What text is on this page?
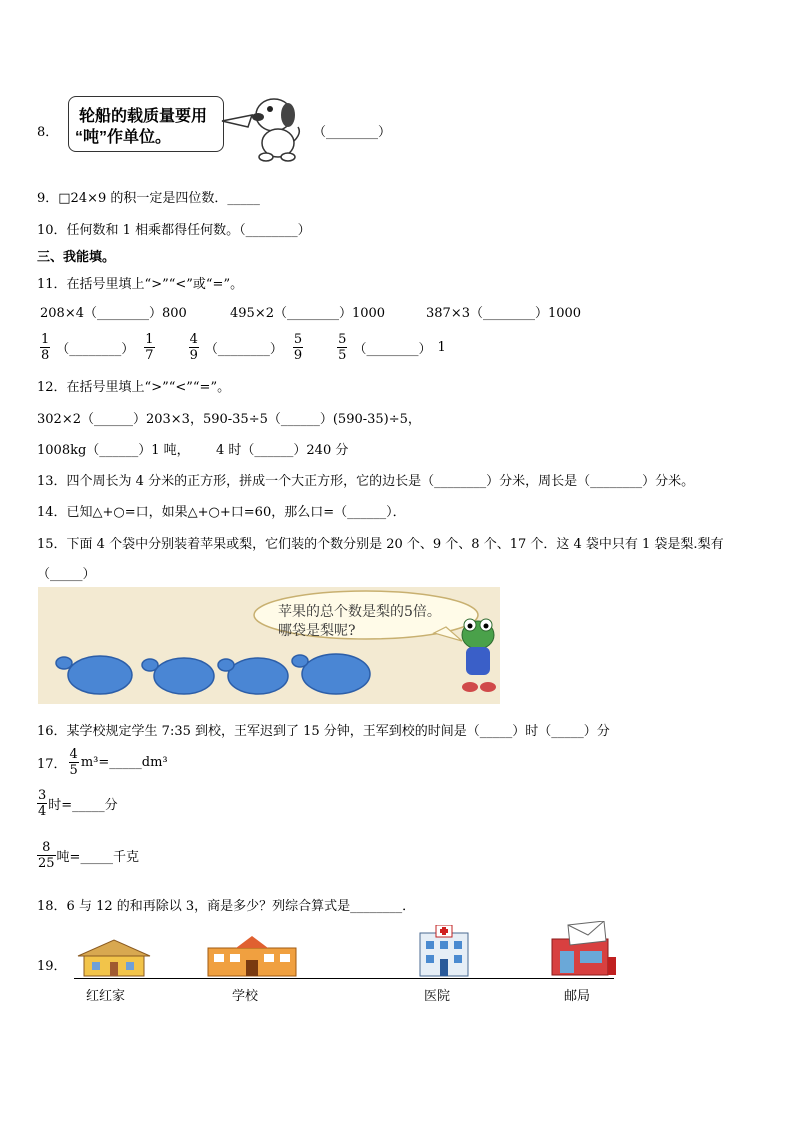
8．
轮船的载质量要用
“吨”作单位。	（________）
9．□24×9 的积一定是四位数．_____
10．任何数和 1 相乘都得任何数。（________）
三、我能填。
11．在括号里填上“>”“<”或“=”。
208×4（________）800	495×2（________）1000	387×3（________）1000
$\frac{1}{8}$ （________） $\frac{1}{7}$	$\frac{4}{9}$ （________） $\frac{5}{9}$	$\frac{5}{5}$ （________） 1
12．在括号里填上“>”“<”“=”。
302×2（______）203×3，590-35÷5（______）(590-35)÷5，
1008kg（______）1 吨， 4 时（______）240 分
13．四个周长为 4 分米的正方形，拼成一个大正方形，它的边长是（________）分米，周长是（________）分米。
14．已知△+○=口，如果△+○+口=60，那么口=（______）．
15．下面 4 个袋中分别装着苹果或梨，它们装的个数分别是 20 个、9 个、8 个、17 个．这 4 袋中只有 1 袋是梨.梨有
（_____）
苹果的总个数是梨的5倍。
哪袋是梨呢?
16．某学校规定学生 7:35 到校，王军迟到了 15 分钟，王军到校的时间是（_____）时（_____）分
17． $\frac{4}{5}$ m³=_____dm³
$\frac{3}{4}$ 时=_____分
$\frac{8}{25}$ 吨=_____千克
18．6 与 12 的和再除以 3，商是多少？列综合算式是________．
19．
红红家	学校	医院	邮局
